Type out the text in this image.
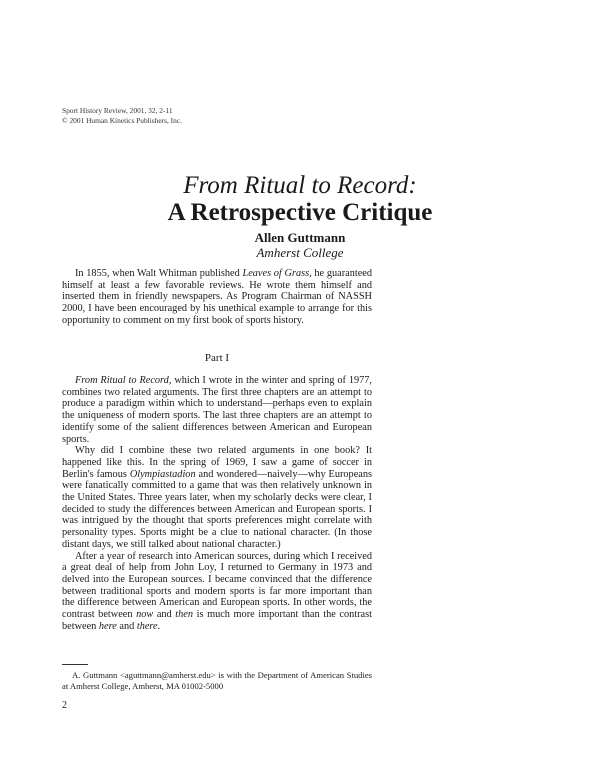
Sport History Review, 2001, 32, 2-11
© 2001 Human Kinetics Publishers, Inc.
From Ritual to Record:
A Retrospective Critique
Allen Guttmann
Amherst College

In 1855, when Walt Whitman published Leaves of Grass, he guaranteed himself at least a few favorable reviews. He wrote them himself and inserted them in friendly newspapers. As Program Chairman of NASSH 2000, I have been encouraged by his unethical example to arrange for this opportunity to comment on my first book of sports history.

Part I

From Ritual to Record, which I wrote in the winter and spring of 1977, combines two related arguments. The first three chapters are an attempt to produce a paradigm within which to understand—perhaps even to explain the uniqueness of modern sports. The last three chapters are an attempt to identify some of the salient differences between American and European sports.

Why did I combine these two related arguments in one book? It happened like this. In the spring of 1969, I saw a game of soccer in Berlin's famous Olympiastadion and wondered—naively—why Europeans were fanatically committed to a game that was then relatively unknown in the United States. Three years later, when my scholarly decks were clear, I decided to study the differences between American and European sports. I was intrigued by the thought that sports preferences might correlate with personality types. Sports might be a clue to national character. (In those distant days, we still talked about national character.)

After a year of research into American sources, during which I received a great deal of help from John Loy, I returned to Germany in 1973 and delved into the European sources. I became convinced that the difference between traditional sports and modern sports is far more important than the difference between American and European sports. In other words, the contrast between now and then is much more important than the contrast between here and there.

A. Guttmann <aguttmann@amherst.edu> is with the Department of American Studies at Amherst College, Amherst, MA 01002-5000
2
